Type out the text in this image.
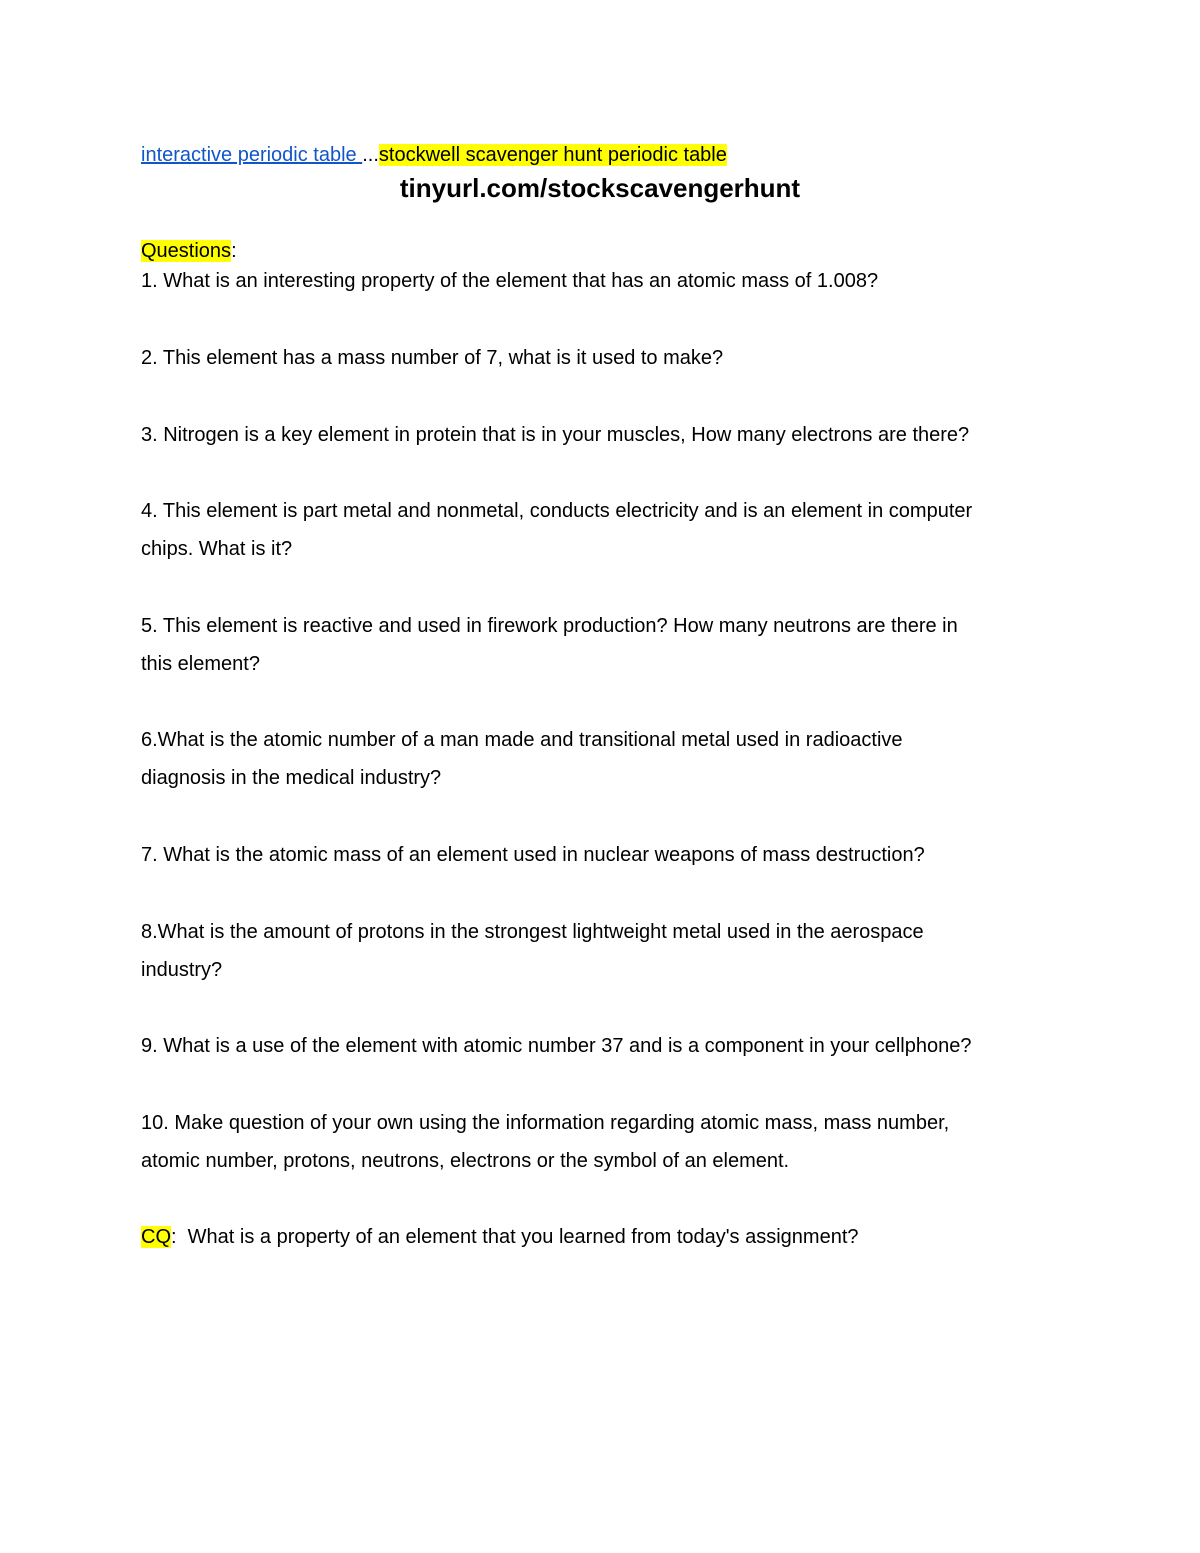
interactive periodic table ...stockwell scavenger hunt periodic table
tinyurl.com/stockscavengerhunt
Questions:
1. What is an interesting property of the element that has an atomic mass of 1.008?
2. This element has a mass number of 7, what is it used to make?
3. Nitrogen is a key element in protein that is in your muscles, How many electrons are there?
4. This element is part metal and nonmetal, conducts electricity and is an element in computer
chips. What is it?
5. This element is reactive and used in firework production? How many neutrons are there in
this element?
6.What is the atomic number of a man made and transitional metal used in radioactive
diagnosis in the medical industry?
7. What is the atomic mass of an element used in nuclear weapons of mass destruction?
8.What is the amount of protons in the strongest lightweight metal used in the aerospace
industry?
9. What is a use of the element with atomic number 37 and is a component in your cellphone?
10. Make question of your own using the information regarding atomic mass, mass number,
atomic number, protons, neutrons, electrons or the symbol of an element.
CQ:  What is a property of an element that you learned from today's assignment?
